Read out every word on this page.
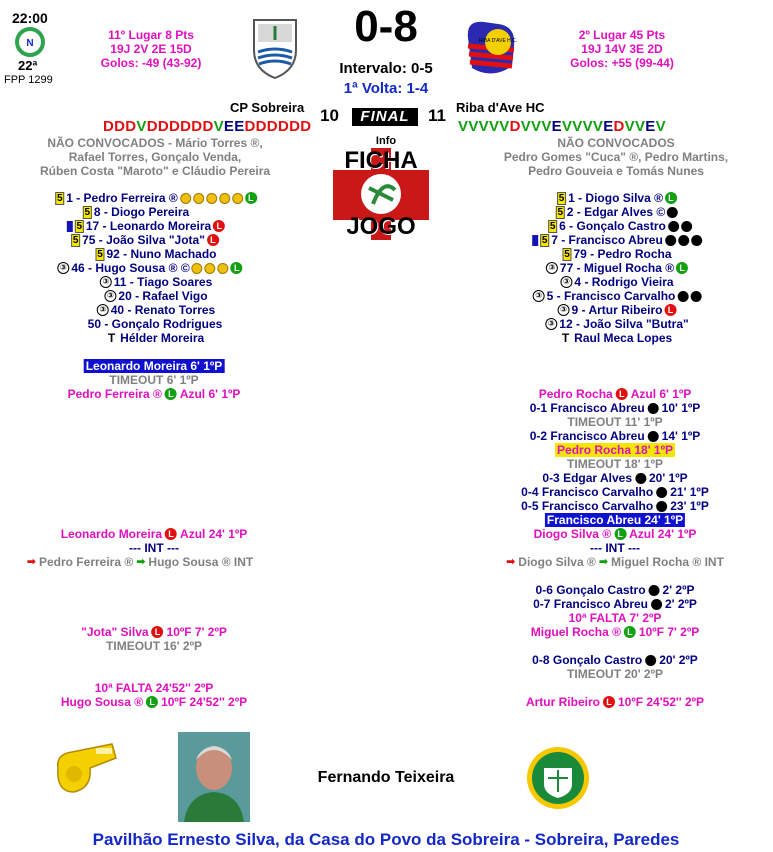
22:00
N
22ª
FPP 1299
11º Lugar 8 Pts
19J 2V 2E 15D
Golos: -49 (43-92)
0-8
Intervalo: 0-5
1ª Volta: 1-4
RIBA D'AVE H.C.	2º Lugar 45 Pts
19J 14V 3E 2D
Golos: +55 (99-44)
CP Sobreira	Riba d'Ave HC
10	FINAL	11
D D D V D D D D D D V E E D D D D D D	V V V V V D V V V E V V V V E D V V E V
NÃO CONVOCADOS - Mário Torres ®,
Rafael Torres, Gonçalo Venda,
Rúben Costa "Maroto" e Cláudio Pereira
NÃO CONVOCADOS
Pedro Gomes "Cuca" ®, Pedro Martins,
Pedro Gouveia e Tomás Nunes
Info
FICHA
JOGO
5 1 - Pedro Ferreira ®	L
5 8 - Diogo Pereira
5 17 - Leonardo Moreira L
5 75 - João Silva "Jota" L
5 92 - Nuno Machado
③ 46 - Hugo Sousa ® ©	L
③ 11 - Tiago Soares
③ 20 - Rafael Vigo
③ 40 - Renato Torres
50 - Gonçalo Rodrigues
T Hélder Moreira
5 1 - Diogo Silva ® L
5 2 - Edgar Alves ©
5 6 - Gonçalo Castro
5 7 - Francisco Abreu
5 79 - Pedro Rocha
③ 77 - Miguel Rocha ® L
③ 4 - Rodrigo Vieira
③ 5 - Francisco Carvalho
③ 9 - Artur Ribeiro L
③ 12 - João Silva "Butra"
T Raul Meca Lopes
Leonardo Moreira 6' 1ºP
TIMEOUT 6' 1ºP
Pedro Ferreira ® L Azul 6' 1ºP
Leonardo Moreira L Azul 24' 1ºP
--- INT ---
➡ Pedro Ferreira ® ➡ Hugo Sousa ® INT
"Jota" Silva L 10ºF 7' 2ºP
TIMEOUT 16' 2ºP
10ª FALTA 24'52'' 2ºP
Hugo Sousa ® L 10ºF 24'52'' 2ºP
Pedro Rocha L Azul 6' 1ºP
0-1 Francisco Abreu 10' 1ºP
TIMEOUT 11' 1ºP
0-2 Francisco Abreu 14' 1ºP
Pedro Rocha 18' 1ºP
TIMEOUT 18' 1ºP
0-3 Edgar Alves 20' 1ºP
0-4 Francisco Carvalho 21' 1ºP
0-5 Francisco Carvalho 23' 1ºP
Francisco Abreu 24' 1ºP
Diogo Silva ® L Azul 24' 1ºP
--- INT ---
➡ Diogo Silva ® ➡ Miguel Rocha ® INT
0-6 Gonçalo Castro 2' 2ºP
0-7 Francisco Abreu 2' 2ºP
10ª FALTA 7' 2ºP
Miguel Rocha ® L 10ºF 7' 2ºP
0-8 Gonçalo Castro 20' 2ºP
TIMEOUT 20' 2ºP
Artur Ribeiro L 10ºF 24'52'' 2ºP
Fernando Teixeira
Pavilhão Ernesto Silva, da Casa do Povo da Sobreira - Sobreira, Paredes
